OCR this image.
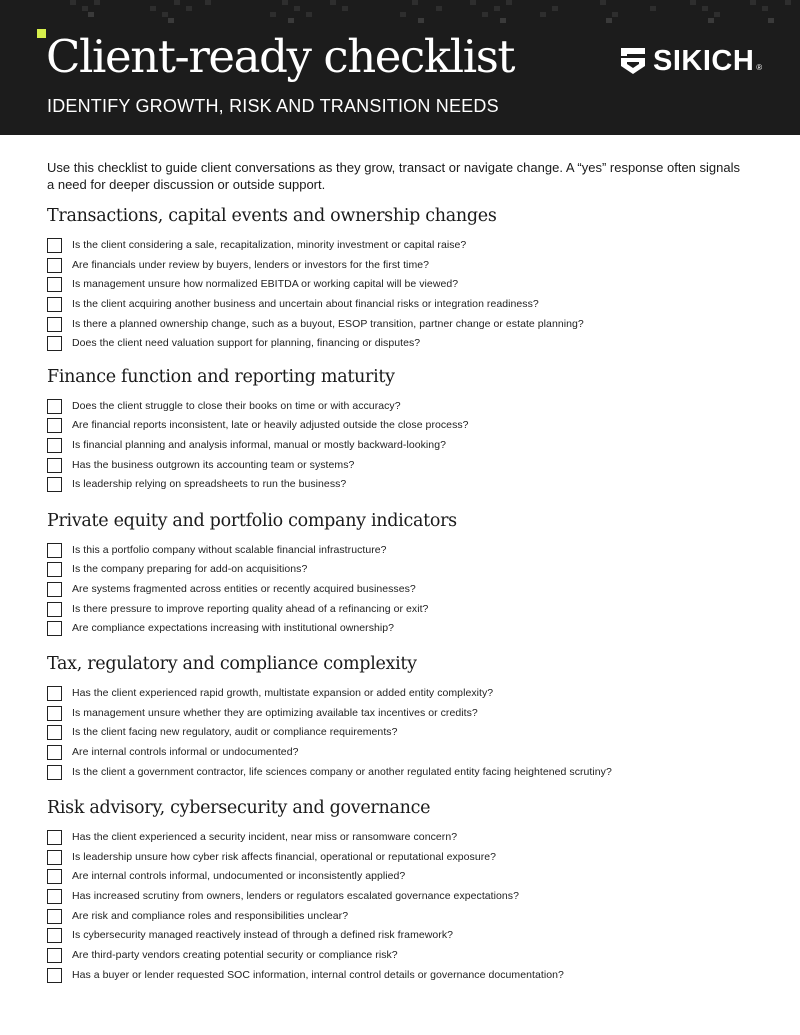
Client-ready checklist
IDENTIFY GROWTH, RISK AND TRANSITION NEEDS
SIKICH ®

Use this checklist to guide client conversations as they grow, transact or navigate change. A “yes” response often signals a need for deeper discussion or outside support.

Transactions, capital events and ownership changes
Is the client considering a sale, recapitalization, minority investment or capital raise?
Are financials under review by buyers, lenders or investors for the first time?
Is management unsure how normalized EBITDA or working capital will be viewed?
Is the client acquiring another business and uncertain about financial risks or integration readiness?
Is there a planned ownership change, such as a buyout, ESOP transition, partner change or estate planning?
Does the client need valuation support for planning, financing or disputes?
Finance function and reporting maturity
Does the client struggle to close their books on time or with accuracy?
Are financial reports inconsistent, late or heavily adjusted outside the close process?
Is financial planning and analysis informal, manual or mostly backward-looking?
Has the business outgrown its accounting team or systems?
Is leadership relying on spreadsheets to run the business?
Private equity and portfolio company indicators
Is this a portfolio company without scalable financial infrastructure?
Is the company preparing for add-on acquisitions?
Are systems fragmented across entities or recently acquired businesses?
Is there pressure to improve reporting quality ahead of a refinancing or exit?
Are compliance expectations increasing with institutional ownership?
Tax, regulatory and compliance complexity
Has the client experienced rapid growth, multistate expansion or added entity complexity?
Is management unsure whether they are optimizing available tax incentives or credits?
Is the client facing new regulatory, audit or compliance requirements?
Are internal controls informal or undocumented?
Is the client a government contractor, life sciences company or another regulated entity facing heightened scrutiny?
Risk advisory, cybersecurity and governance
Has the client experienced a security incident, near miss or ransomware concern?
Is leadership unsure how cyber risk affects financial, operational or reputational exposure?
Are internal controls informal, undocumented or inconsistently applied?
Has increased scrutiny from owners, lenders or regulators escalated governance expectations?
Are risk and compliance roles and responsibilities unclear?
Is cybersecurity managed reactively instead of through a defined risk framework?
Are third-party vendors creating potential security or compliance risk?
Has a buyer or lender requested SOC information, internal control details or governance documentation?
